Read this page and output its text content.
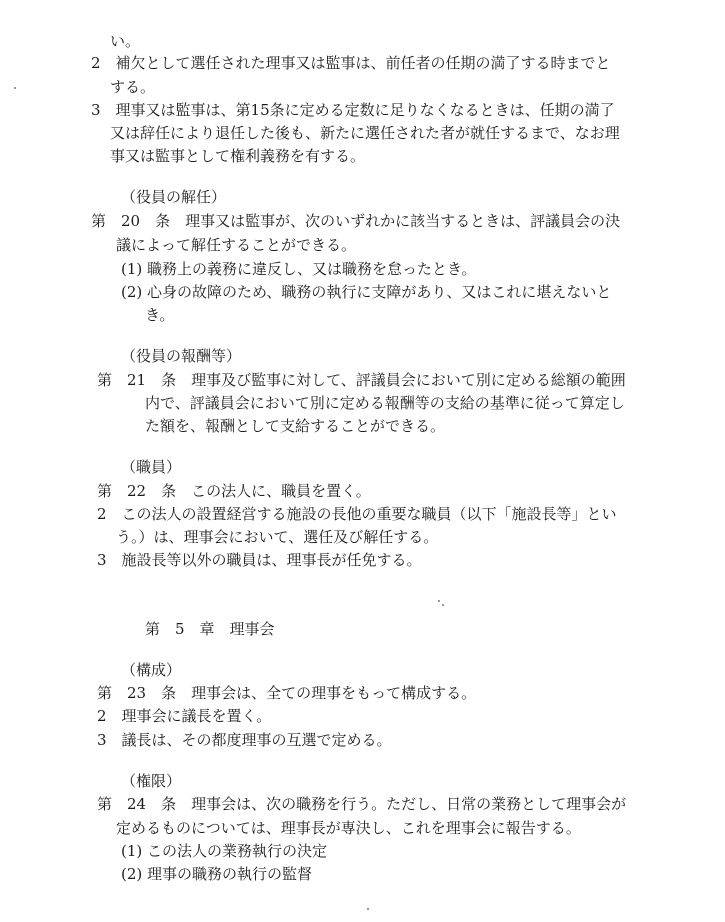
い。

2　補欠として選任された理事又は監事は、前任者の任期の満了する時までと

する。

3　理事又は監事は、第15条に定める定数に足りなくなるときは、任期の満了

又は辞任により退任した後も、新たに選任された者が就任するまで、なお理

事又は監事として権利義務を有する。

（役員の解任）

第　20　条　理事又は監事が、次のいずれかに該当するときは、評議員会の決

議によって解任することができる。

(1) 職務上の義務に違反し、又は職務を怠ったとき。

(2) 心身の故障のため、職務の執行に支障があり、又はこれに堪えないと

き。

（役員の報酬等）

第　21　条　理事及び監事に対して、評議員会において別に定める総額の範囲

内で、評議員会において別に定める報酬等の支給の基準に従って算定し

た額を、報酬として支給することができる。

（職員）

第　22　条　この法人に、職員を置く。

2　この法人の設置経営する施設の長他の重要な職員（以下「施設長等」とい

う。）は、理事会において、選任及び解任する。

3　施設長等以外の職員は、理事長が任免する。

第　5　章　理事会

（構成）

第　23　条　理事会は、全ての理事をもって構成する。

2　理事会に議長を置く。

3　議長は、その都度理事の互選で定める。

（権限）

第　24　条　理事会は、次の職務を行う。ただし、日常の業務として理事会が

定めるものについては、理事長が専決し、これを理事会に報告する。

(1) この法人の業務執行の決定

(2) 理事の職務の執行の監督
